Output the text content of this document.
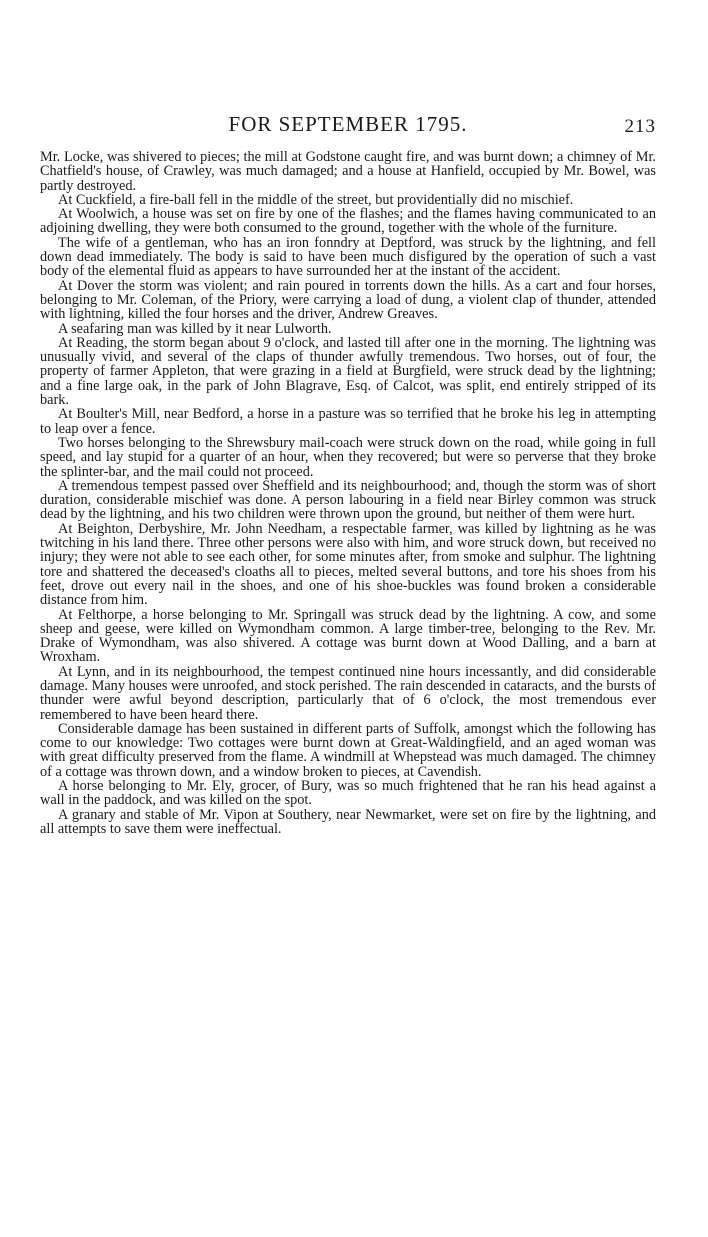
FOR SEPTEMBER 1795.	213

Mr. Locke, was shivered to pieces; the mill at Godstone caught fire, and was burnt down; a chimney of Mr. Chatfield's house, of Crawley, was much damaged; and a house at Hanfield, occupied by Mr. Bowel, was partly destroyed.

At Cuckfield, a fire-ball fell in the middle of the street, but providentially did no mischief.

At Woolwich, a house was set on fire by one of the flashes; and the flames having communicated to an adjoining dwelling, they were both consumed to the ground, together with the whole of the furniture.

The wife of a gentleman, who has an iron fonndry at Deptford, was struck by the lightning, and fell down dead immediately. The body is said to have been much disfigured by the operation of such a vast body of the elemental fluid as appears to have surrounded her at the instant of the accident.

At Dover the storm was violent; and rain poured in torrents down the hills. As a cart and four horses, belonging to Mr. Coleman, of the Priory, were carrying a load of dung, a violent clap of thunder, attended with lightning, killed the four horses and the driver, Andrew Greaves.

A seafaring man was killed by it near Lulworth.

At Reading, the storm began about 9 o'clock, and lasted till after one in the morning. The lightning was unusually vivid, and several of the claps of thunder awfully tremendous. Two horses, out of four, the property of farmer Appleton, that were grazing in a field at Burgfield, were struck dead by the lightning; and a fine large oak, in the park of John Blagrave, Esq. of Calcot, was split, end entirely stripped of its bark.

At Boulter's Mill, near Bedford, a horse in a pasture was so terrified that he broke his leg in attempting to leap over a fence.

Two horses belonging to the Shrewsbury mail-coach were struck down on the road, while going in full speed, and lay stupid for a quarter of an hour, when they recovered; but were so perverse that they broke the splinter-bar, and the mail could not proceed.

A tremendous tempest passed over Sheffield and its neighbourhood; and, though the storm was of short duration, considerable mischief was done. A person labouring in a field near Birley common was struck dead by the lightning, and his two children were thrown upon the ground, but neither of them were hurt.

At Beighton, Derbyshire, Mr. John Needham, a respectable farmer, was killed by lightning as he was twitching in his land there. Three other persons were also with him, and wore struck down, but received no injury; they were not able to see each other, for some minutes after, from smoke and sulphur. The lightning tore and shattered the deceased's cloaths all to pieces, melted several buttons, and tore his shoes from his feet, drove out every nail in the shoes, and one of his shoe-buckles was found broken a considerable distance from him.

At Felthorpe, a horse belonging to Mr. Springall was struck dead by the lightning. A cow, and some sheep and geese, were killed on Wymondham common. A large timber-tree, belonging to the Rev. Mr. Drake of Wymondham, was also shivered. A cottage was burnt down at Wood Dalling, and a barn at Wroxham.

At Lynn, and in its neighbourhood, the tempest continued nine hours incessantly, and did considerable damage. Many houses were unroofed, and stock perished. The rain descended in cataracts, and the bursts of thunder were awful beyond description, particularly that of 6 o'clock, the most tremendous ever remembered to have been heard there.

Considerable damage has been sustained in different parts of Suffolk, amongst which the following has come to our knowledge: Two cottages were burnt down at Great-Waldingfield, and an aged woman was with great difficulty preserved from the flame. A windmill at Whepstead was much damaged. The chimney of a cottage was thrown down, and a window broken to pieces, at Cavendish.

A horse belonging to Mr. Ely, grocer, of Bury, was so much frightened that he ran his head against a wall in the paddock, and was killed on the spot.

A granary and stable of Mr. Vipon at Southery, near Newmarket, were set on fire by the lightning, and all attempts to save them were ineffectual.
